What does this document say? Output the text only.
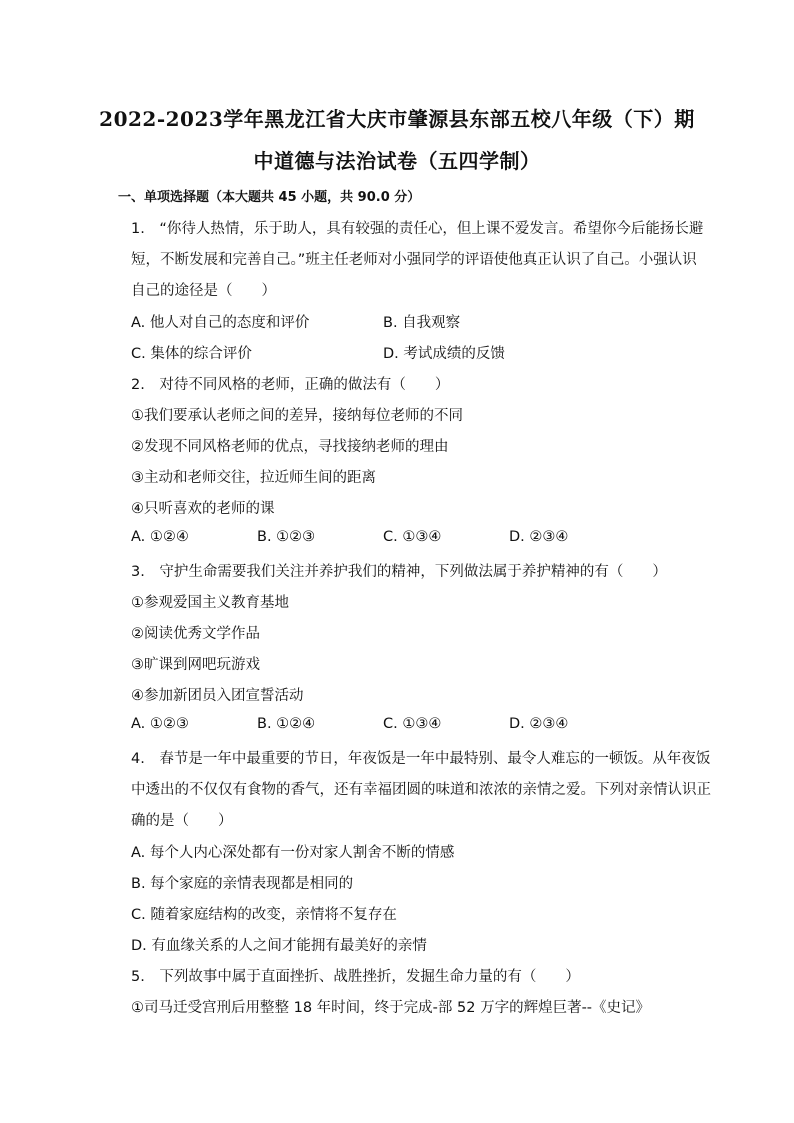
2022-2023学年黑龙江省大庆市肇源县东部五校八年级（下）期
中道德与法治试卷（五四学制）
一、单项选择题（本大题共 45 小题，共 90.0 分）
1.　“你待人热情，乐于助人，具有较强的责任心，但上课不爱发言。希望你今后能扬长避
短，不断发展和完善自己。”班主任老师对小强同学的评语使他真正认识了自己。小强认识
自己的途径是（　　）
A. 他人对自己的态度和评价	B. 自我观察
C. 集体的综合评价	D. 考试成绩的反馈
2.　对待不同风格的老师，正确的做法有（　　）
①我们要承认老师之间的差异，接纳每位老师的不同
②发现不同风格老师的优点，寻找接纳老师的理由
③主动和老师交往，拉近师生间的距离
④只听喜欢的老师的课
A. ①②④	B. ①②③	C. ①③④	D. ②③④
3.　守护生命需要我们关注并养护我们的精神，下列做法属于养护精神的有（　　）
①参观爱国主义教育基地
②阅读优秀文学作品
③旷课到网吧玩游戏
④参加新团员入团宣誓活动
A. ①②③	B. ①②④	C. ①③④	D. ②③④
4.　春节是一年中最重要的节日，年夜饭是一年中最特别、最令人难忘的一顿饭。从年夜饭
中透出的不仅仅有食物的香气，还有幸福团圆的味道和浓浓的亲情之爱。下列对亲情认识正
确的是（　　）
A. 每个人内心深处都有一份对家人割舍不断的情感
B. 每个家庭的亲情表现都是相同的
C. 随着家庭结构的改变，亲情将不复存在
D. 有血缘关系的人之间才能拥有最美好的亲情
5.　下列故事中属于直面挫折、战胜挫折，发掘生命力量的有（　　）
①司马迁受宫刑后用整整 18 年时间，终于完成-部 52 万字的辉煌巨著--《史记》
